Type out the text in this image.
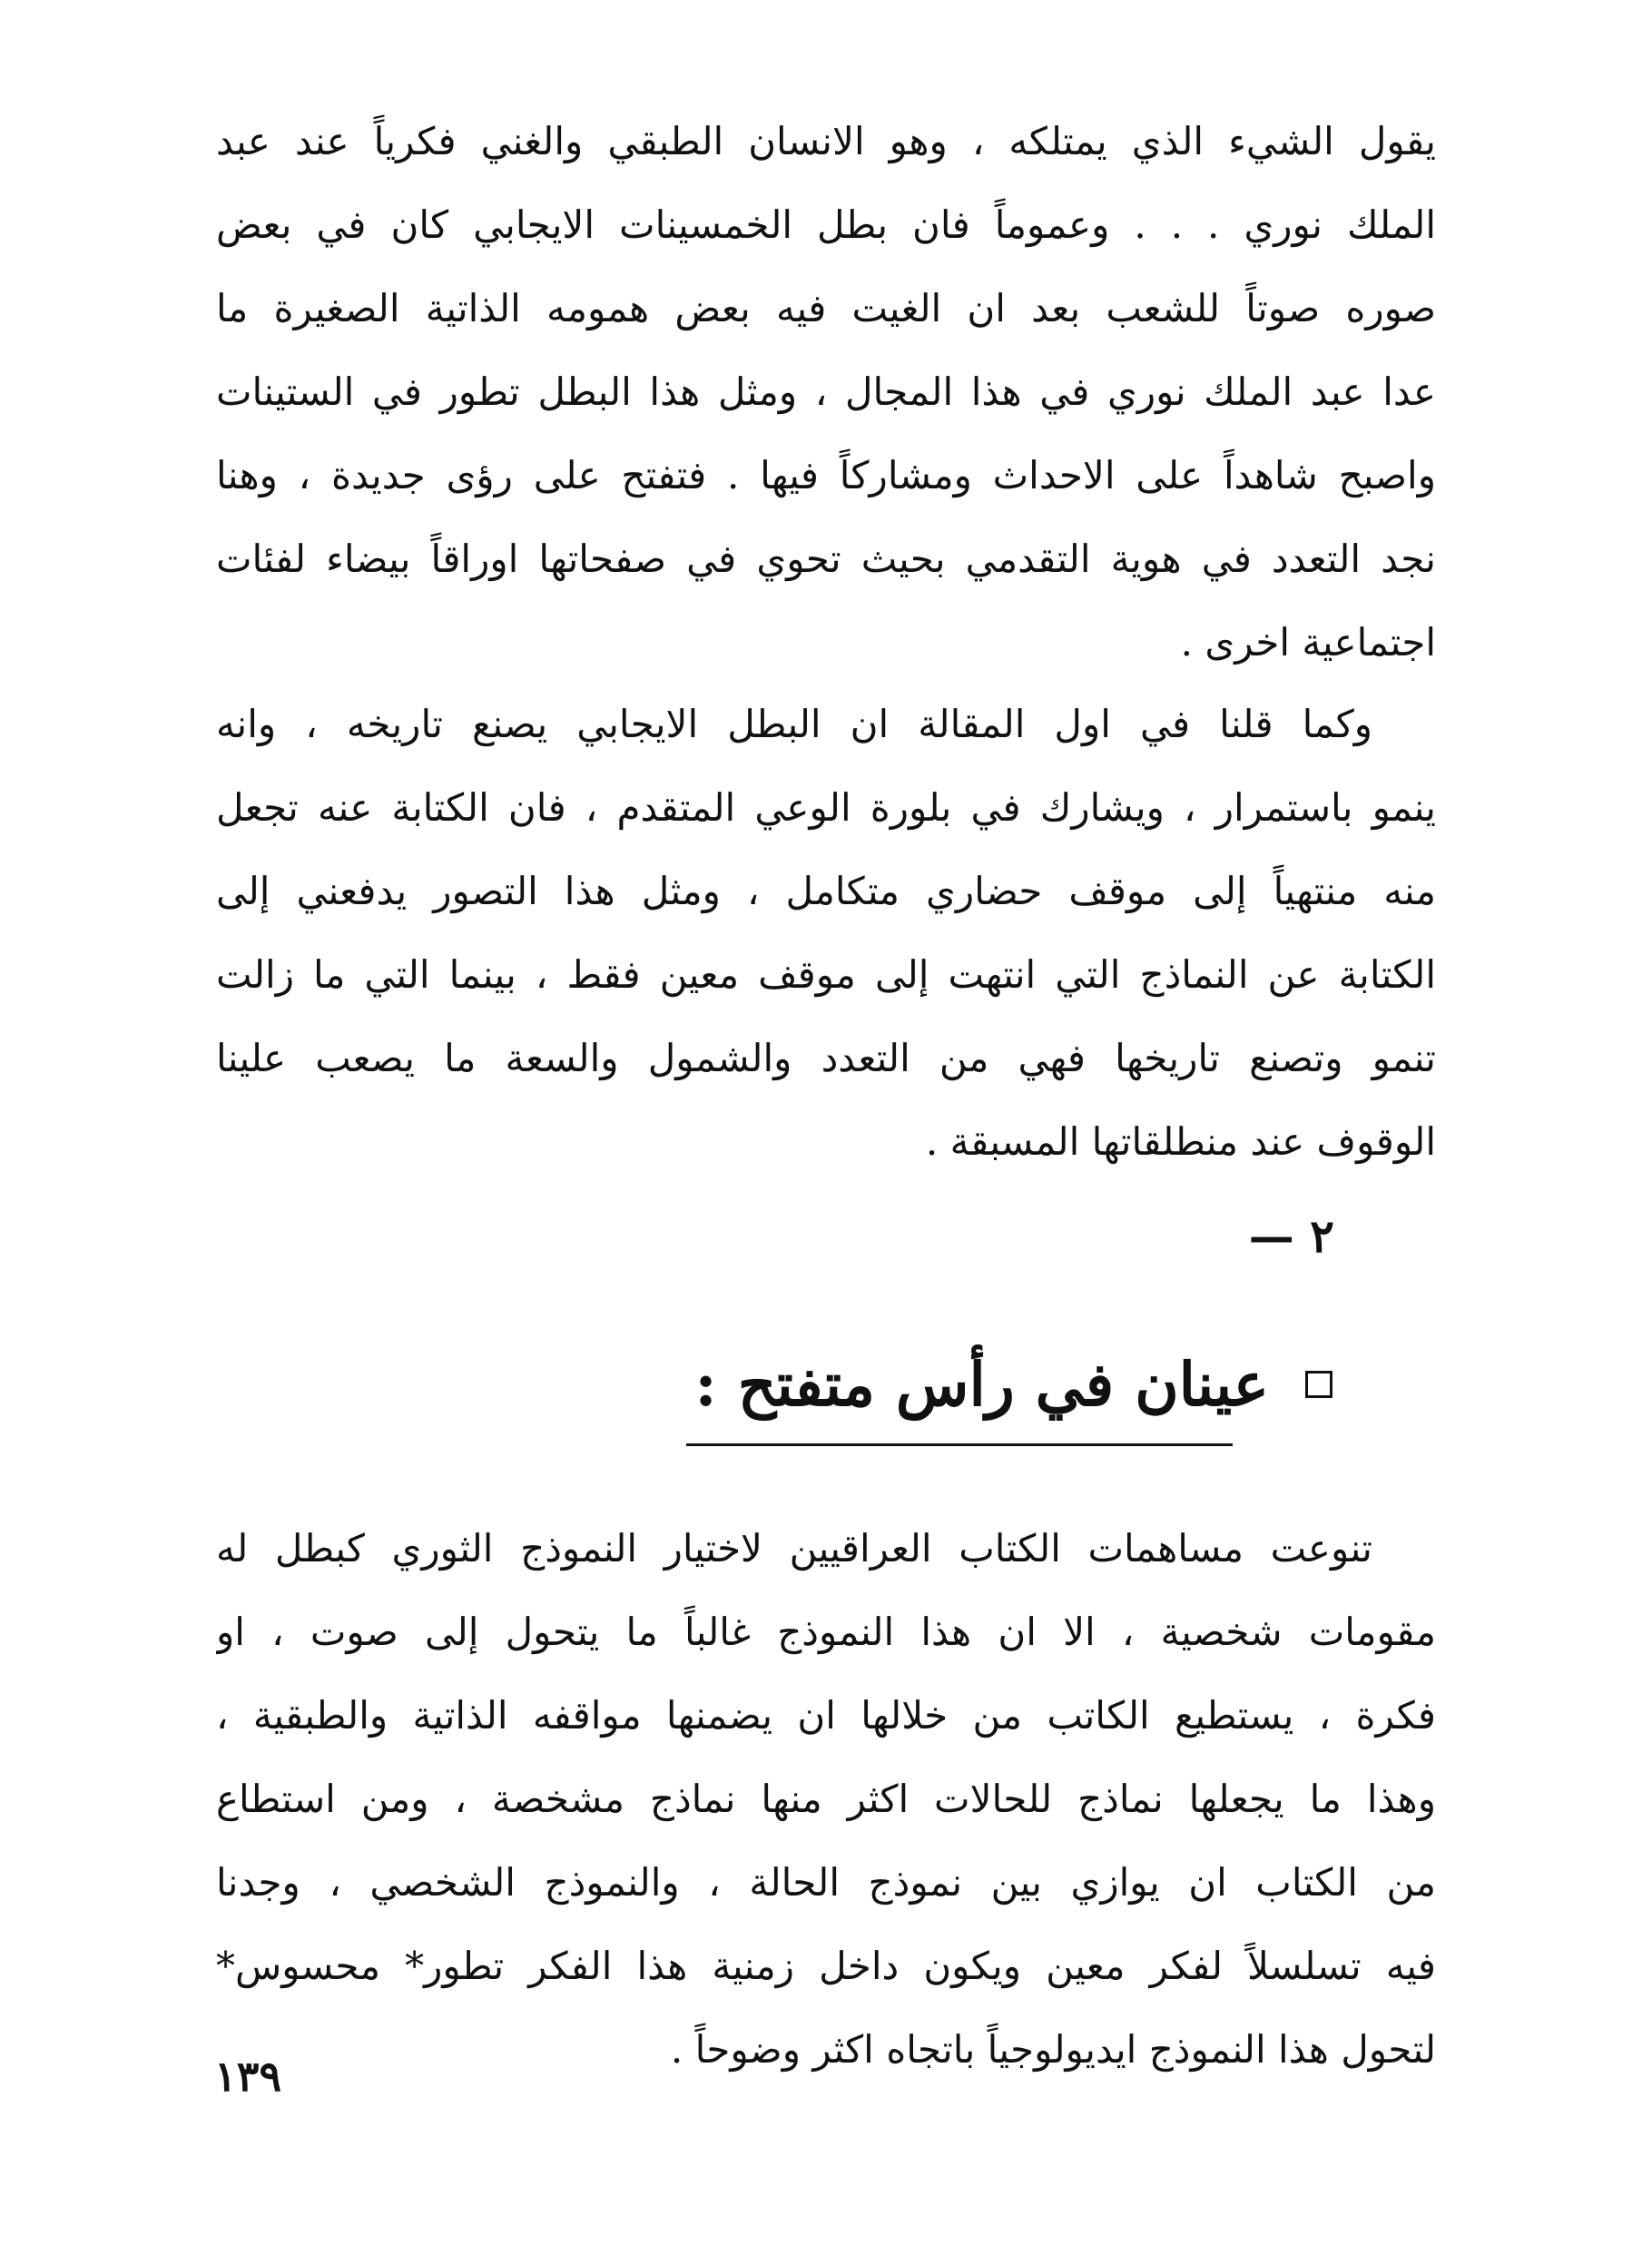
يقول الشيء الذي يمتلكه ، وهو الانسان الطبقي والغني فكرياً عند عبد
الملك نوري . . . وعموماً فان بطل الخمسينات الايجابي كان في بعض
صوره صوتاً للشعب بعد ان الغيت فيه بعض همومه الذاتية الصغيرة ما
عدا عبد الملك نوري في هذا المجال ، ومثل هذا البطل تطور في الستينات
واصبح شاهداً على الاحداث ومشاركاً فيها . فتفتح على رؤى جديدة ، وهنا
نجد التعدد في هوية التقدمي بحيث تحوي في صفحاتها اوراقاً بيضاء لفئات
اجتماعية اخرى .
وكما قلنا في اول المقالة ان البطل الايجابي يصنع تاريخه ، وانه
ينمو باستمرار ، ويشارك في بلورة الوعي المتقدم ، فان الكتابة عنه تجعل
منه منتهياً إلى موقف حضاري متكامل ، ومثل هذا التصور يدفعني إلى
الكتابة عن النماذج التي انتهت إلى موقف معين فقط ، بينما التي ما زالت
تنمو وتصنع تاريخها فهي من التعدد والشمول والسعة ما يصعب علينا
الوقوف عند منطلقاتها المسبقة .

٢ —

عينان في رأس متفتح :
تنوعت مساهمات الكتاب العراقيين لاختيار النموذج الثوري كبطل له
مقومات شخصية ، الا ان هذا النموذج غالباً ما يتحول إلى صوت ، او
فكرة ، يستطيع الكاتب من خلالها ان يضمنها مواقفه الذاتية والطبقية ،
وهذا ما يجعلها نماذج للحالات اكثر منها نماذج مشخصة ، ومن استطاع
من الكتاب ان يوازي بين نموذج الحالة ، والنموذج الشخصي ، وجدنا
فيه تسلسلاً لفكر معين ويكون داخل زمنية هذا الفكر تطور* محسوس*
لتحول هذا النموذج ايديولوجياً باتجاه اكثر وضوحاً .

١٣٩
